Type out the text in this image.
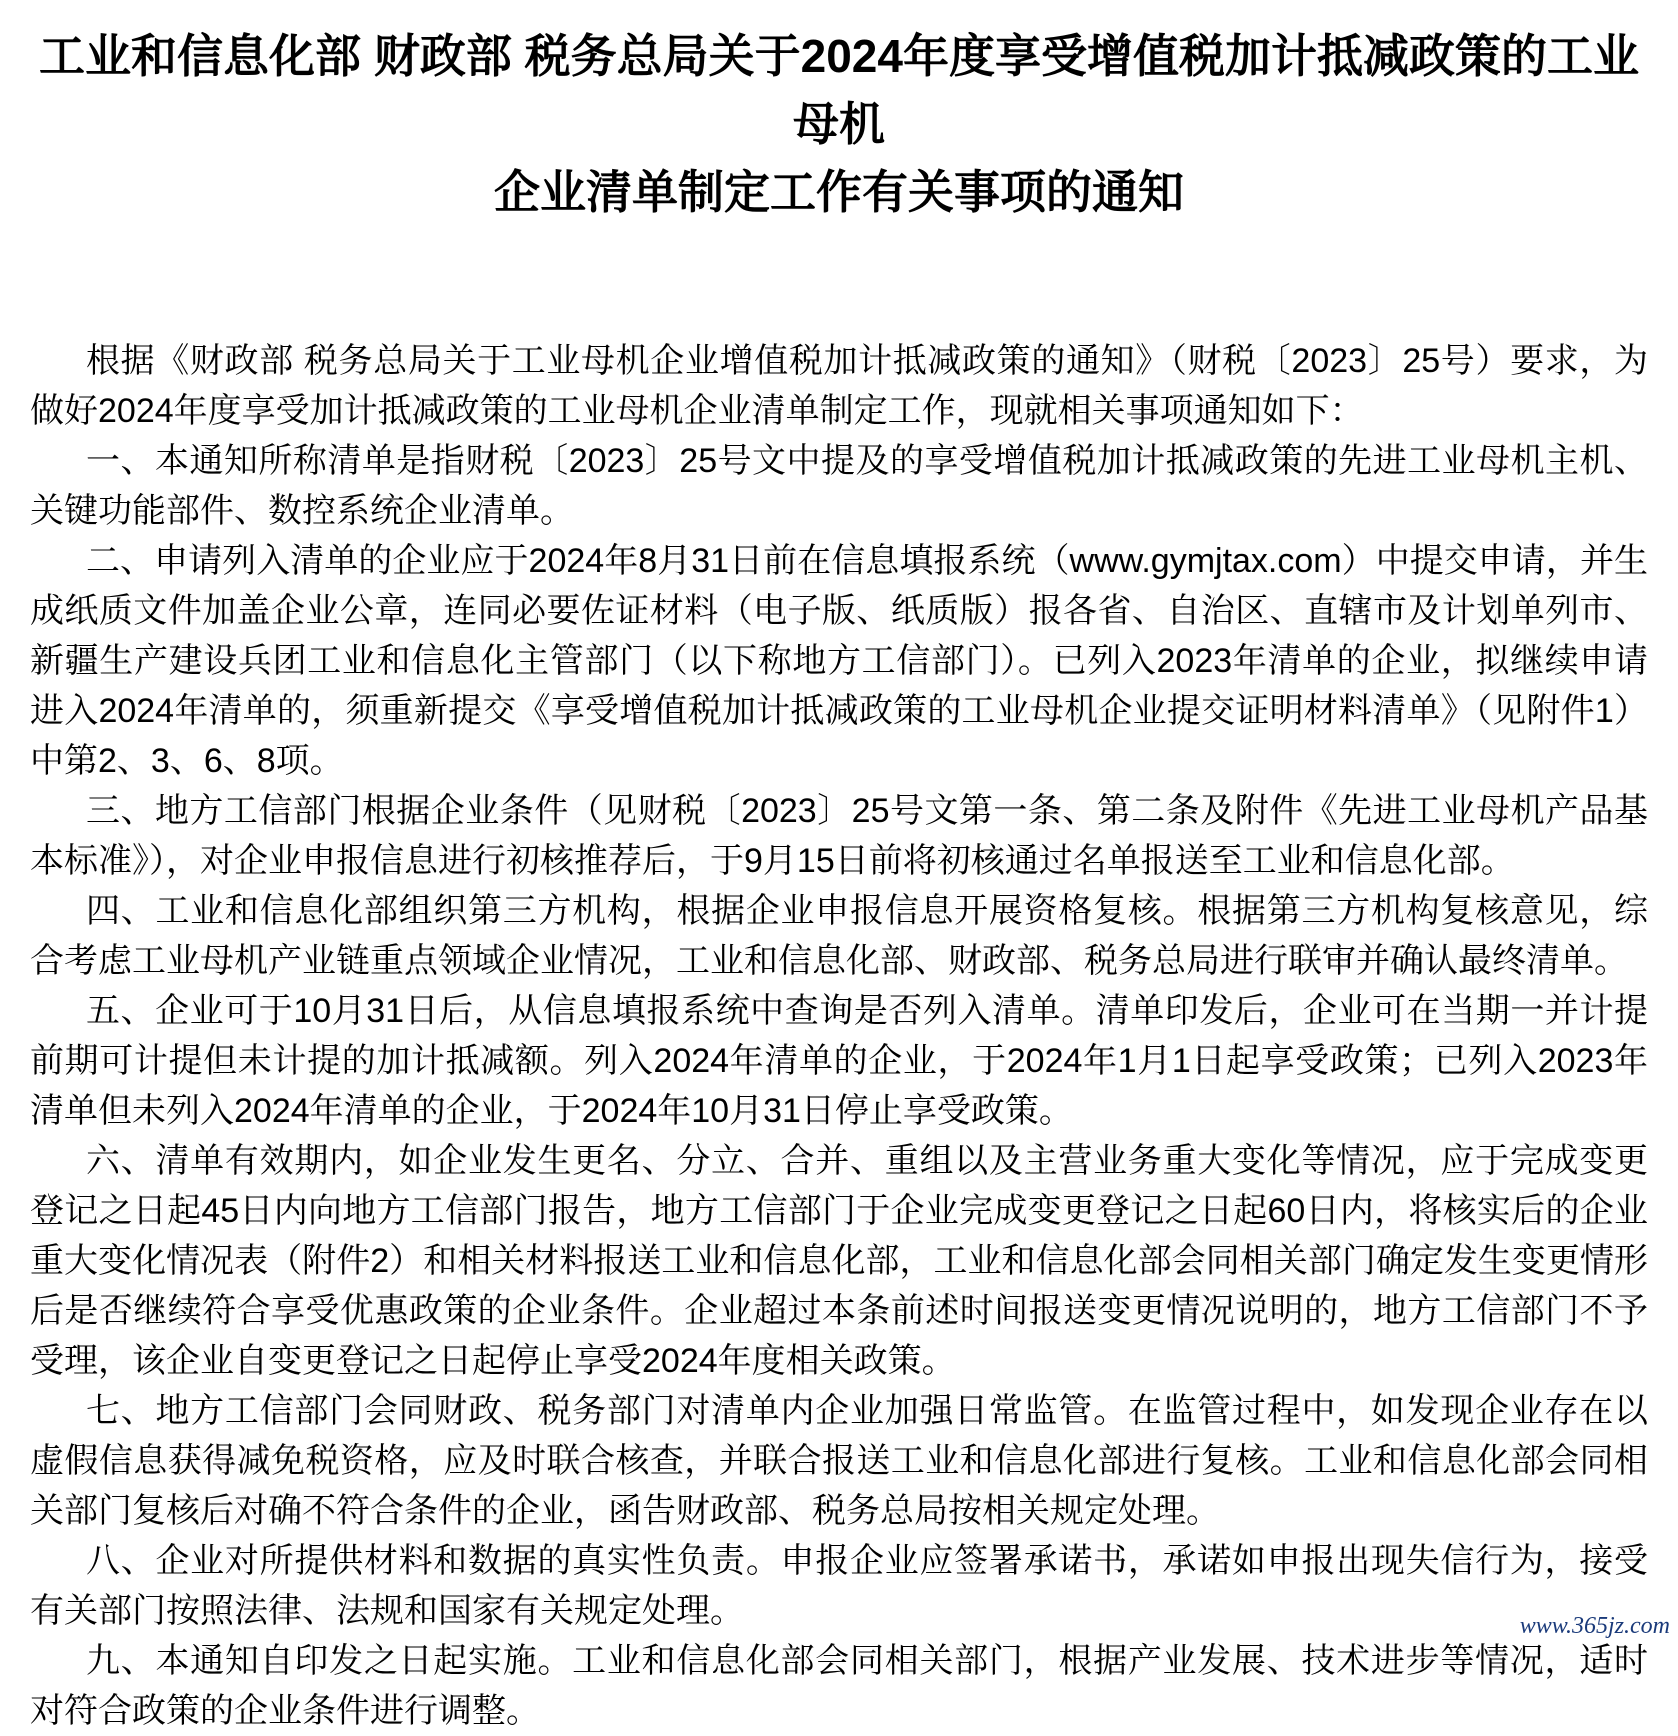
工业和信息化部 财政部 税务总局关于2024年度享受增值税加计抵减政策的工业母机
企业清单制定工作有关事项的通知

根据《财政部 税务总局关于工业母机企业增值税加计抵减政策的通知》（财税〔2023〕25号）要求，为做好2024年度享受加计抵减政策的工业母机企业清单制定工作，现就相关事项通知如下：

一、本通知所称清单是指财税〔2023〕25号文中提及的享受增值税加计抵减政策的先进工业母机主机、关键功能部件、数控系统企业清单。

二、申请列入清单的企业应于2024年8月31日前在信息填报系统（www.gymjtax.com）中提交申请，并生成纸质文件加盖企业公章，连同必要佐证材料（电子版、纸质版）报各省、自治区、直辖市及计划单列市、新疆生产建设兵团工业和信息化主管部门（以下称地方工信部门）。已列入2023年清单的企业，拟继续申请进入2024年清单的，须重新提交《享受增值税加计抵减政策的工业母机企业提交证明材料清单》（见附件1）中第2、3、6、8项。

三、地方工信部门根据企业条件（见财税〔2023〕25号文第一条、第二条及附件《先进工业母机产品基本标准》），对企业申报信息进行初核推荐后，于9月15日前将初核通过名单报送至工业和信息化部。

四、工业和信息化部组织第三方机构，根据企业申报信息开展资格复核。根据第三方机构复核意见，综合考虑工业母机产业链重点领域企业情况，工业和信息化部、财政部、税务总局进行联审并确认最终清单。

五、企业可于10月31日后，从信息填报系统中查询是否列入清单。清单印发后，企业可在当期一并计提前期可计提但未计提的加计抵减额。列入2024年清单的企业，于2024年1月1日起享受政策；已列入2023年清单但未列入2024年清单的企业，于2024年10月31日停止享受政策。

六、清单有效期内，如企业发生更名、分立、合并、重组以及主营业务重大变化等情况，应于完成变更登记之日起45日内向地方工信部门报告，地方工信部门于企业完成变更登记之日起60日内，将核实后的企业重大变化情况表（附件2）和相关材料报送工业和信息化部，工业和信息化部会同相关部门确定发生变更情形后是否继续符合享受优惠政策的企业条件。企业超过本条前述时间报送变更情况说明的，地方工信部门不予受理，该企业自变更登记之日起停止享受2024年度相关政策。

七、地方工信部门会同财政、税务部门对清单内企业加强日常监管。在监管过程中，如发现企业存在以虚假信息获得减免税资格，应及时联合核查，并联合报送工业和信息化部进行复核。工业和信息化部会同相关部门复核后对确不符合条件的企业，函告财政部、税务总局按相关规定处理。

八、企业对所提供材料和数据的真实性负责。申报企业应签署承诺书，承诺如申报出现失信行为，接受有关部门按照法律、法规和国家有关规定处理。

九、本通知自印发之日起实施。工业和信息化部会同相关部门，根据产业发展、技术进步等情况，适时对符合政策的企业条件进行调整。

www.365jz.com
